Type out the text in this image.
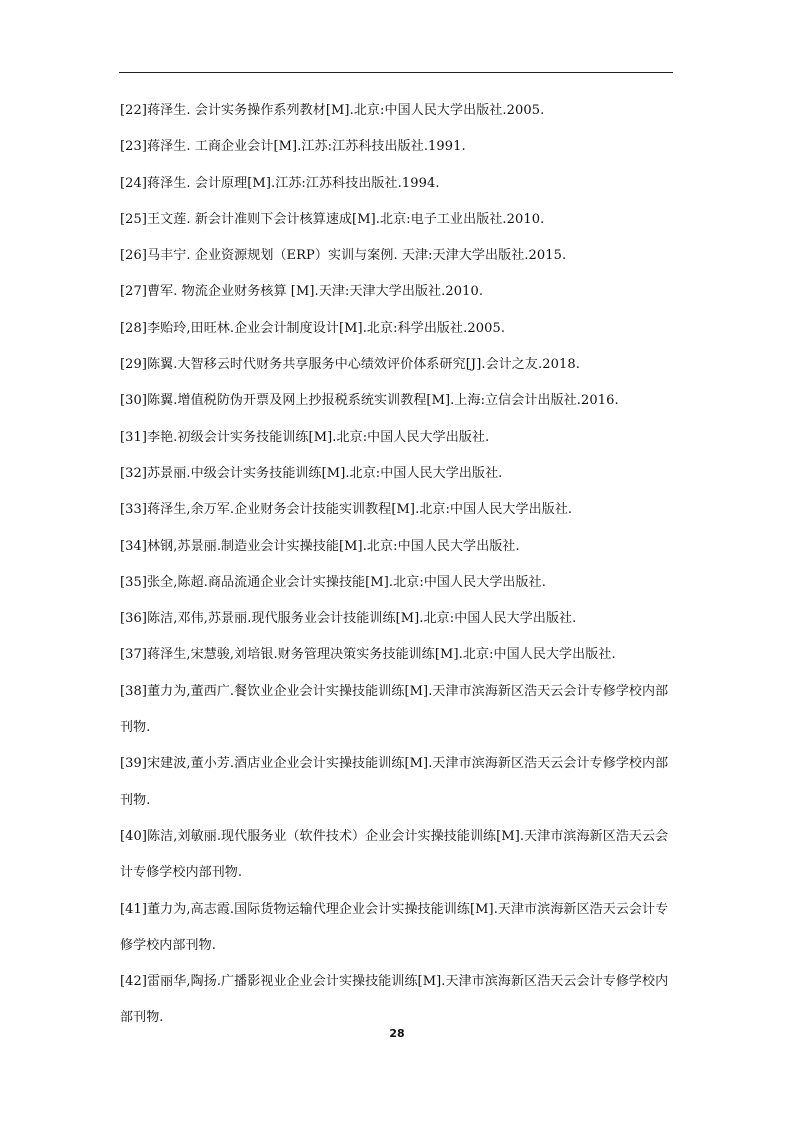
[22]蒋泽生. 会计实务操作系列教材[M].北京:中国人民大学出版社.2005.
[23]蒋泽生. 工商企业会计[M].江苏:江苏科技出版社.1991.
[24]蒋泽生. 会计原理[M].江苏:江苏科技出版社.1994.
[25]王文莲. 新会计准则下会计核算速成[M].北京:电子工业出版社.2010.
[26]马丰宁. 企业资源规划（ERP）实训与案例. 天津:天津大学出版社.2015.
[27]曹军. 物流企业财务核算 [M].天津:天津大学出版社.2010.
[28]李贻玲,田旺林.企业会计制度设计[M].北京:科学出版社.2005.
[29]陈翼.大智移云时代财务共享服务中心绩效评价体系研究[J].会计之友.2018.
[30]陈翼.增值税防伪开票及网上抄报税系统实训教程[M].上海:立信会计出版社.2016.
[31]李艳.初级会计实务技能训练[M].北京:中国人民大学出版社.
[32]苏景丽.中级会计实务技能训练[M].北京:中国人民大学出版社.
[33]蒋泽生,余万军.企业财务会计技能实训教程[M].北京:中国人民大学出版社.
[34]林钢,苏景丽.制造业会计实操技能[M].北京:中国人民大学出版社.
[35]张全,陈超.商品流通企业会计实操技能[M].北京:中国人民大学出版社.
[36]陈洁,邓伟,苏景丽.现代服务业会计技能训练[M].北京:中国人民大学出版社.
[37]蒋泽生,宋慧骏,刘培银.财务管理决策实务技能训练[M].北京:中国人民大学出版社.
[38]董力为,董西广.餐饮业企业会计实操技能训练[M].天津市滨海新区浩天云会计专修学校内部刊物.
[39]宋建波,董小芳.酒店业企业会计实操技能训练[M].天津市滨海新区浩天云会计专修学校内部刊物.
[40]陈洁,刘敏丽.现代服务业（软件技术）企业会计实操技能训练[M].天津市滨海新区浩天云会计专修学校内部刊物.
[41]董力为,高志霞.国际货物运输代理企业会计实操技能训练[M].天津市滨海新区浩天云会计专修学校内部刊物.
[42]雷丽华,陶扬.广播影视业企业会计实操技能训练[M].天津市滨海新区浩天云会计专修学校内部刊物.
28
